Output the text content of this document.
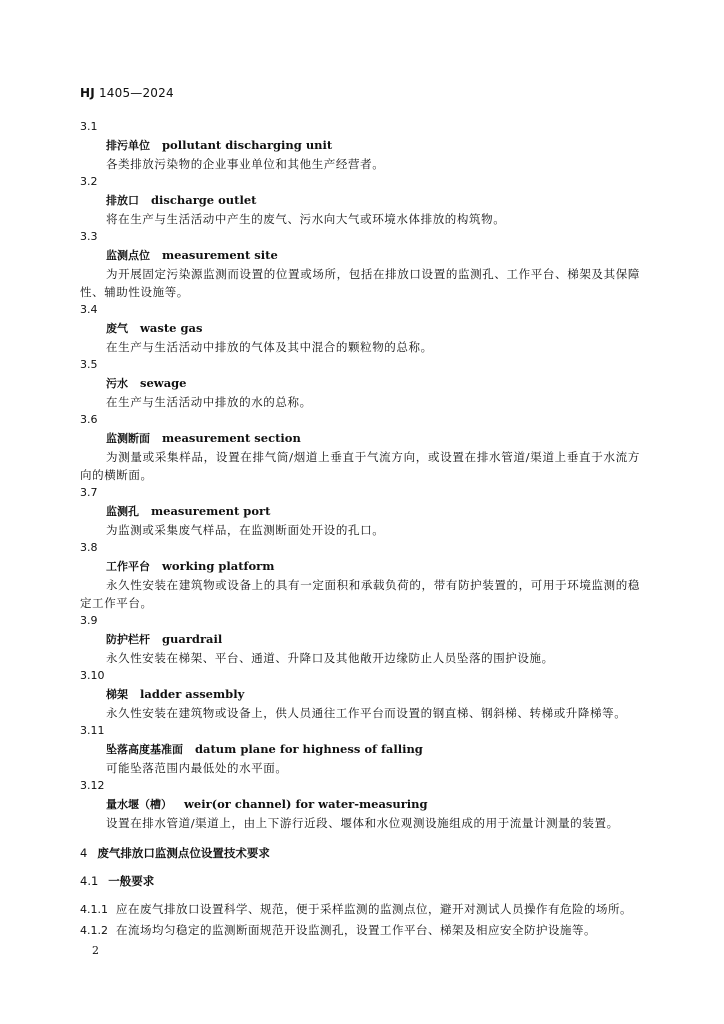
HJ 1405—2024
3.1
排污单位 pollutant discharging unit
各类排放污染物的企业事业单位和其他生产经营者。
3.2
排放口 discharge outlet
将在生产与生活活动中产生的废气、污水向大气或环境水体排放的构筑物。
3.3
监测点位 measurement site
为开展固定污染源监测而设置的位置或场所，包括在排放口设置的监测孔、工作平台、梯架及其保障性、辅助性设施等。
3.4
废气 waste gas
在生产与生活活动中排放的气体及其中混合的颗粒物的总称。
3.5
污水 sewage
在生产与生活活动中排放的水的总称。
3.6
监测断面 measurement section
为测量或采集样品，设置在排气筒/烟道上垂直于气流方向，或设置在排水管道/渠道上垂直于水流方向的横断面。
3.7
监测孔 measurement port
为监测或采集废气样品，在监测断面处开设的孔口。
3.8
工作平台 working platform
永久性安装在建筑物或设备上的具有一定面积和承载负荷的，带有防护装置的，可用于环境监测的稳定工作平台。
3.9
防护栏杆 guardrail
永久性安装在梯架、平台、通道、升降口及其他敞开边缘防止人员坠落的围护设施。
3.10
梯架 ladder assembly
永久性安装在建筑物或设备上，供人员通往工作平台而设置的钢直梯、钢斜梯、转梯或升降梯等。
3.11
坠落高度基准面 datum plane for highness of falling
可能坠落范围内最低处的水平面。
3.12
量水堰（槽） weir(or channel) for water-measuring
设置在排水管道/渠道上，由上下游行近段、堰体和水位观测设施组成的用于流量计测量的装置。
4 废气排放口监测点位设置技术要求
4.1 一般要求
4.1.1 应在废气排放口设置科学、规范，便于采样监测的监测点位，避开对测试人员操作有危险的场所。
4.1.2 在流场均匀稳定的监测断面规范开设监测孔，设置工作平台、梯架及相应安全防护设施等。
2
